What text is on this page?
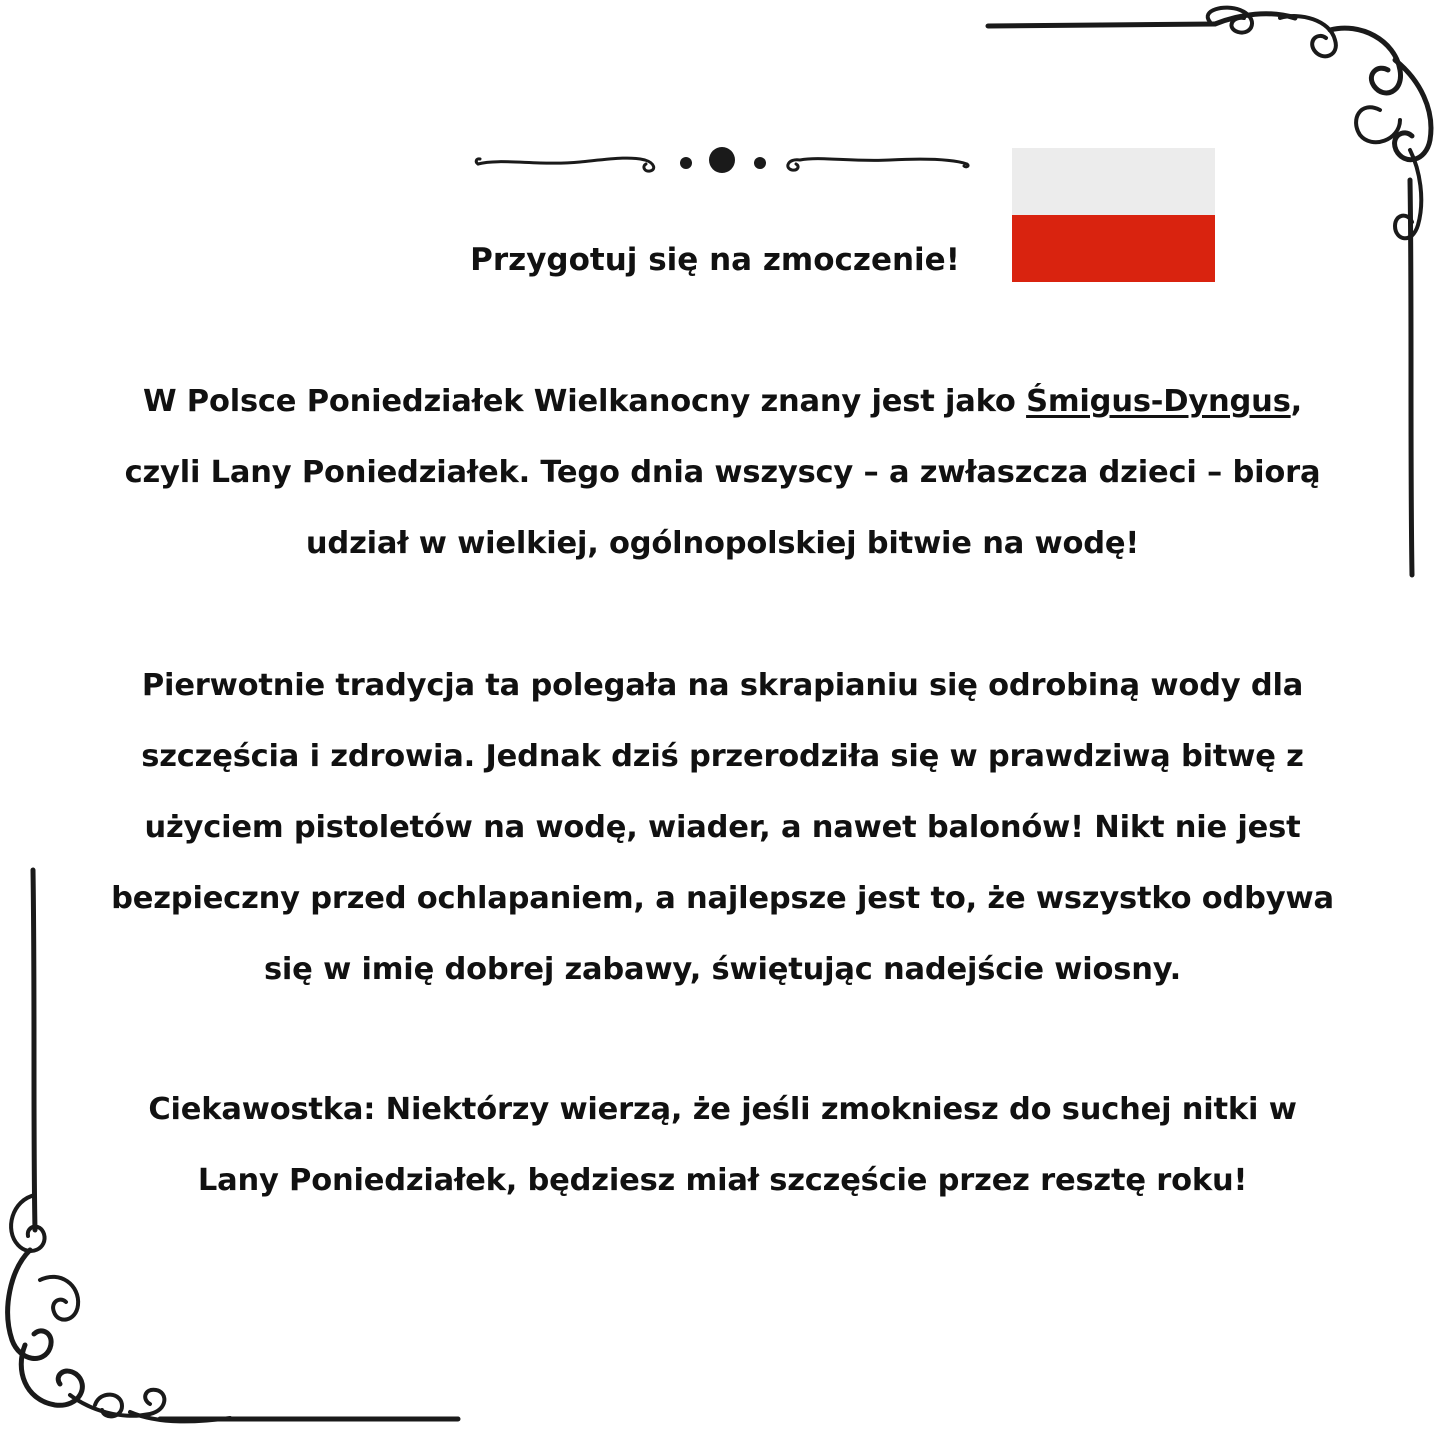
Przygotuj się na zmoczenie!

W Polsce Poniedziałek Wielkanocny znany jest jako Śmigus-Dyngus,
czyli Lany Poniedziałek. Tego dnia wszyscy – a zwłaszcza dzieci – biorą
udział w wielkiej, ogólnopolskiej bitwie na wodę!

Pierwotnie tradycja ta polegała na skrapianiu się odrobiną wody dla
szczęścia i zdrowia. Jednak dziś przerodziła się w prawdziwą bitwę z
użyciem pistoletów na wodę, wiader, a nawet balonów! Nikt nie jest
bezpieczny przed ochlapaniem, a najlepsze jest to, że wszystko odbywa
się w imię dobrej zabawy, świętując nadejście wiosny.

Ciekawostka: Niektórzy wierzą, że jeśli zmokniesz do suchej nitki w
Lany Poniedziałek, będziesz miał szczęście przez resztę roku!
